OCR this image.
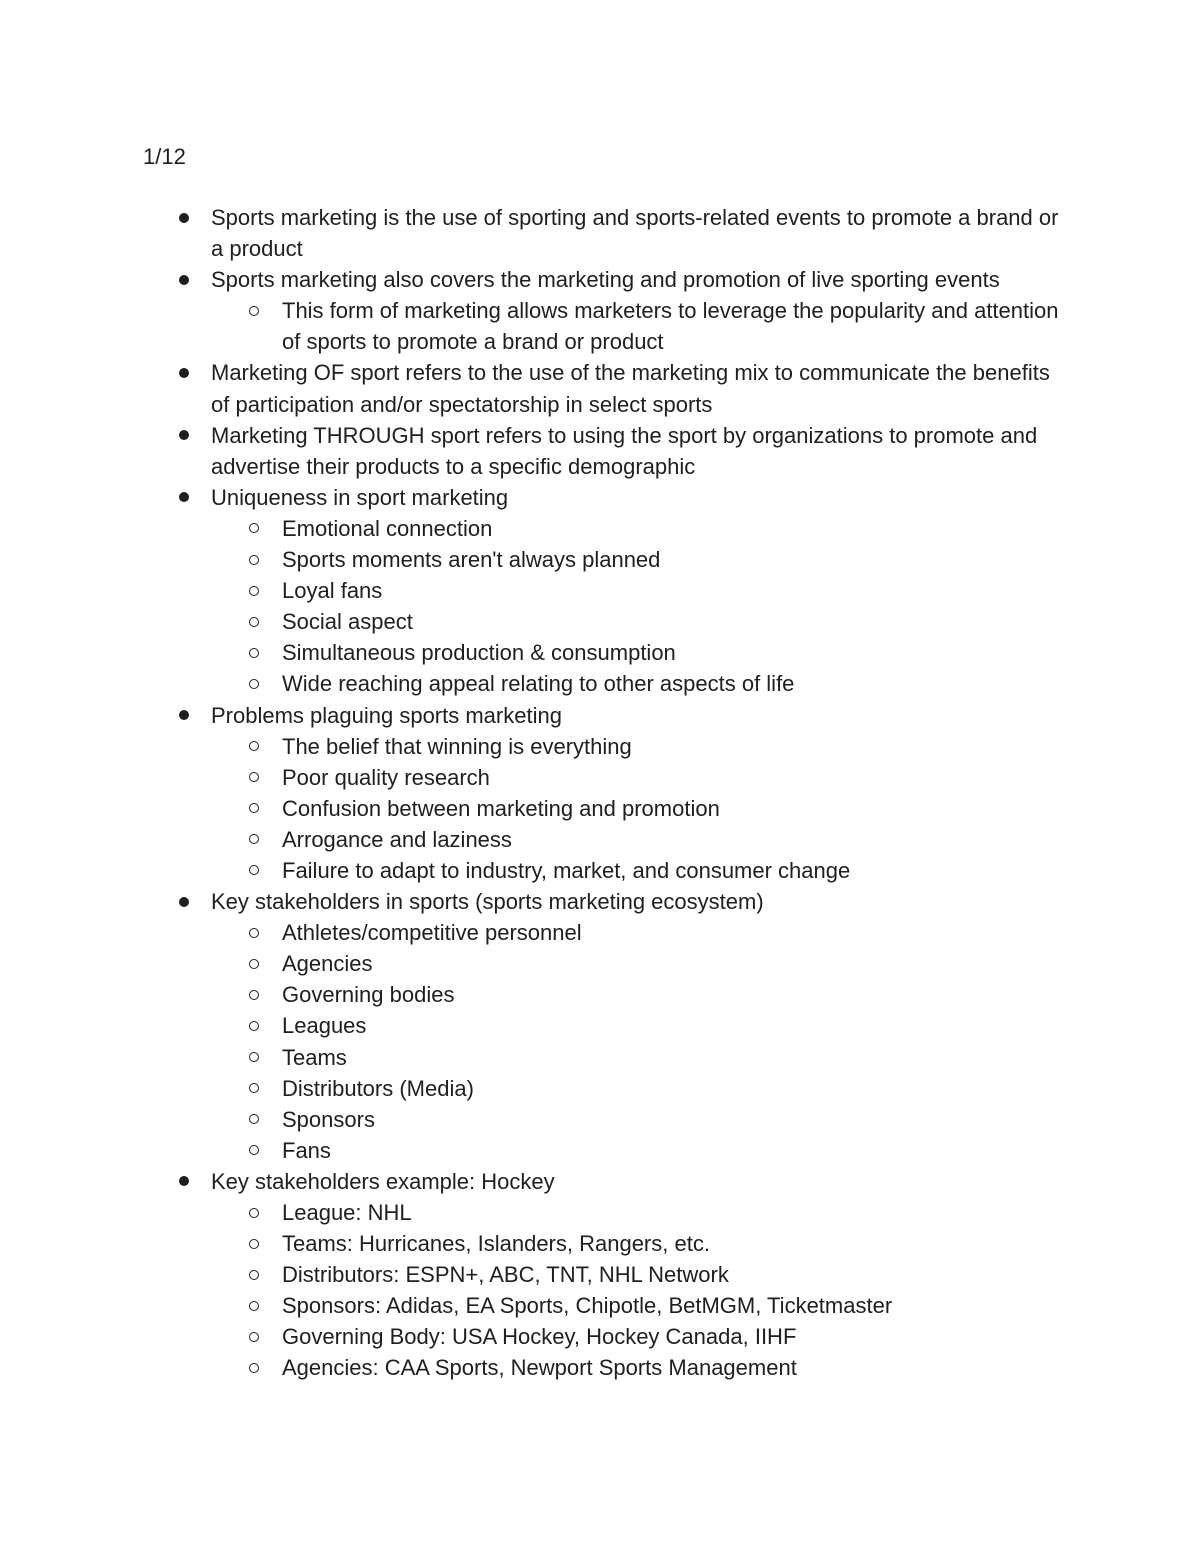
1/12
Sports marketing is the use of sporting and sports-related events to promote a brand or a product
Sports marketing also covers the marketing and promotion of live sporting events
This form of marketing allows marketers to leverage the popularity and attention of sports to promote a brand or product
Marketing OF sport refers to the use of the marketing mix to communicate the benefits of participation and/or spectatorship in select sports
Marketing THROUGH sport refers to using the sport by organizations to promote and advertise their products to a specific demographic
Uniqueness in sport marketing
Emotional connection
Sports moments aren't always planned
Loyal fans
Social aspect
Simultaneous production & consumption
Wide reaching appeal relating to other aspects of life
Problems plaguing sports marketing
The belief that winning is everything
Poor quality research
Confusion between marketing and promotion
Arrogance and laziness
Failure to adapt to industry, market, and consumer change
Key stakeholders in sports (sports marketing ecosystem)
Athletes/competitive personnel
Agencies
Governing bodies
Leagues
Teams
Distributors (Media)
Sponsors
Fans
Key stakeholders example: Hockey
League: NHL
Teams: Hurricanes, Islanders, Rangers, etc.
Distributors: ESPN+, ABC, TNT, NHL Network
Sponsors: Adidas, EA Sports, Chipotle, BetMGM, Ticketmaster
Governing Body: USA Hockey, Hockey Canada, IIHF
Agencies: CAA Sports, Newport Sports Management
